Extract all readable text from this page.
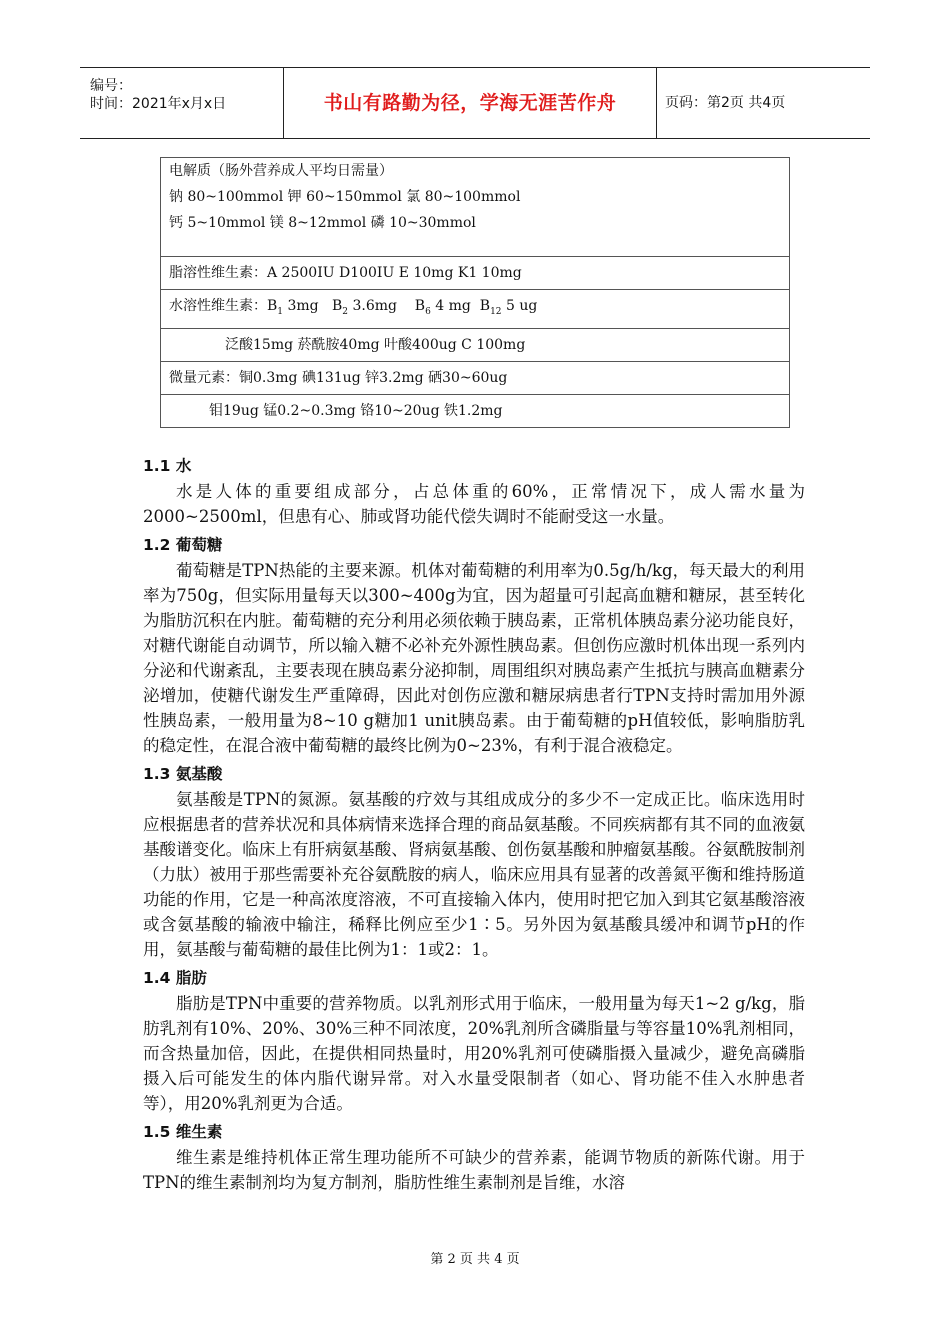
编号：
时间：2021年x月x日	书山有路勤为径，学海无涯苦作舟	页码：第2页 共4页
电解质（肠外营养成人平均日需量）
钠 80~100mmol 钾 60~150mmol 氯 80~100mmol
钙 5~10mmol 镁 8~12mmol 磷 10~30mmol

脂溶性维生素：A 2500IU D100IU E 10mg K1 10mg

水溶性维生素：$B_1$ 3mg $B_2$ 3.6mg $B_6$ 4 mg $B_{12}$ 5 ug

泛酸15mg 菸酰胺40mg 叶酸400ug C 100mg

微量元素：铜0.3mg 碘131ug 锌3.2mg 硒30~60ug

钼19ug 锰0.2~0.3mg 铬10~20ug 铁1.2mg
1.1 水

水是人体的重要组成部分，占总体重的60%，正常情况下，成人需水量为2000~2500ml，但患有心、肺或肾功能代偿失调时不能耐受这一水量。

1.2 葡萄糖

葡萄糖是TPN热能的主要来源。机体对葡萄糖的利用率为0.5g/h/kg，每天最大的利用率为750g，但实际用量每天以300~400g为宜，因为超量可引起高血糖和糖尿，甚至转化为脂肪沉积在内脏。葡萄糖的充分利用必须依赖于胰岛素，正常机体胰岛素分泌功能良好，对糖代谢能自动调节，所以输入糖不必补充外源性胰岛素。但创伤应激时机体出现一系列内分泌和代谢紊乱，主要表现在胰岛素分泌抑制，周围组织对胰岛素产生抵抗与胰高血糖素分泌增加，使糖代谢发生严重障碍，因此对创伤应激和糖尿病患者行TPN支持时需加用外源性胰岛素，一般用量为8~10 g糖加1 unit胰岛素。由于葡萄糖的pH值较低，影响脂肪乳的稳定性，在混合液中葡萄糖的最终比例为0~23%，有利于混合液稳定。

1.3 氨基酸

氨基酸是TPN的氮源。氨基酸的疗效与其组成成分的多少不一定成正比。临床选用时应根据患者的营养状况和具体病情来选择合理的商品氨基酸。不同疾病都有其不同的血液氨基酸谱变化。临床上有肝病氨基酸、肾病氨基酸、创伤氨基酸和肿瘤氨基酸。谷氨酰胺制剂（力肽）被用于那些需要补充谷氨酰胺的病人，临床应用具有显著的改善氮平衡和维持肠道功能的作用，它是一种高浓度溶液，不可直接输入体内，使用时把它加入到其它氨基酸溶液或含氨基酸的输液中输注，稀释比例应至少1∶5。另外因为氨基酸具缓冲和调节pH的作用，氨基酸与葡萄糖的最佳比例为1：1或2：1。

1.4 脂肪

脂肪是TPN中重要的营养物质。以乳剂形式用于临床，一般用量为每天1~2 g/kg，脂肪乳剂有10%、20%、30%三种不同浓度，20%乳剂所含磷脂量与等容量10%乳剂相同，而含热量加倍，因此，在提供相同热量时，用20%乳剂可使磷脂摄入量减少，避免高磷脂摄入后可能发生的体内脂代谢异常。对入水量受限制者（如心、肾功能不佳入水肿患者等），用20%乳剂更为合适。

1.5 维生素

维生素是维持机体正常生理功能所不可缺少的营养素，能调节物质的新陈代谢。用于TPN的维生素制剂均为复方制剂，脂肪性维生素制剂是旨维，水溶

第 2 页 共 4 页
